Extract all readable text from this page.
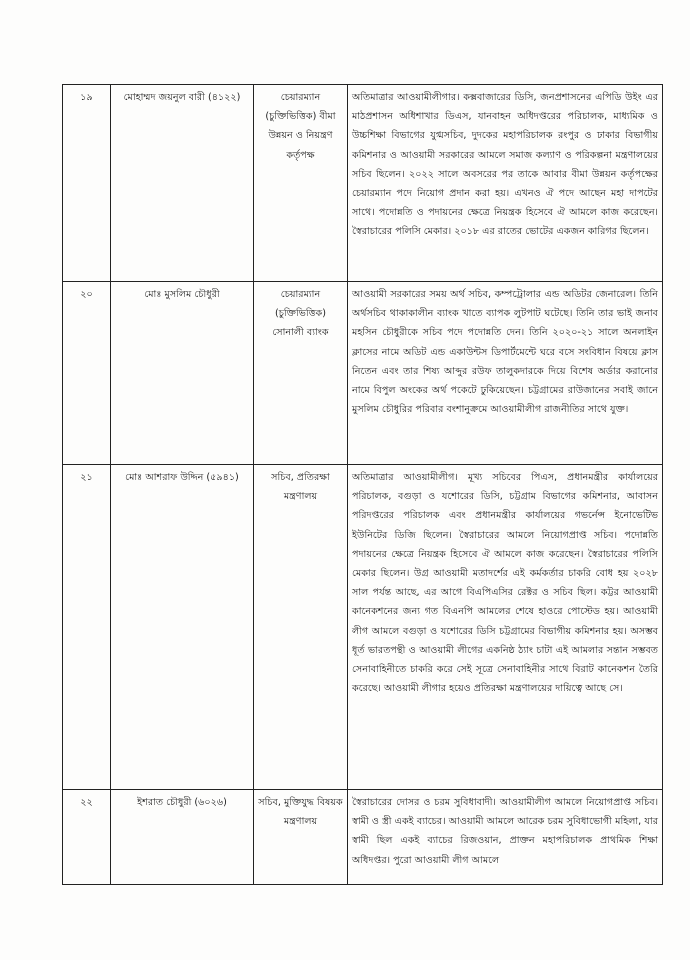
১৯	মোহাম্মদ জয়নুল বারী (৪১২২)	চেয়ারম্যান (চুক্তিভিত্তিক) বীমা উন্নয়ন ও নিয়ন্ত্রণ কর্তৃপক্ষ	অতিমাত্রার আওয়ামীলীগার। কক্সবাজারের ডিসি, জনপ্রশাসনের এপিডি উইং এর মাঠপ্রশাসন অধিশাখার ডিএস, যানবাহন অধিদপ্তরের পরিচালক, মাধ্যমিক ও উচ্চশিক্ষা বিভাগের যুগ্মসচিব, দুদকের মহাপরিচালক রংপুর ও ঢাকার বিভাগীয় কমিশনার ও আওয়ামী সরকারের আমলে সমাজ কল্যাণ ও পরিকল্পনা মন্ত্রণালয়ের সচিব ছিলেন। ২০২২ সালে অবসরের পর তাকে আবার বীমা উন্নয়ন কর্তৃপক্ষের চেয়ারম্যান পদে নিয়োগ প্রদান করা হয়। এখনও ঐ পদে আছেন মহা দাপটের সাথে। পদোন্নতি ও পদায়নের ক্ষেত্রে নিয়ন্ত্রক হিসেবে ঐ আমলে কাজ করেছেন। স্বৈরাচারের পলিসি মেকার। ২০১৮ এর রাতের ভোটের একজন কারিগর ছিলেন।
২০	মোঃ মুসলিম চৌধুরী	চেয়ারম্যান (চুক্তিভিত্তিক) সোনালী ব্যাংক	আওয়ামী সরকারের সময় অর্থ সচিব, কম্পট্রোলার এন্ড অডিটর জেনারেল। তিনি অর্থসচিব থাকাকালীন ব্যাংক খাতে ব্যাপক লুটপাট ঘটেছে। তিনি তার ভাই জনাব মহসিন চৌধুরীকে সচিব পদে পদোন্নতি দেন। তিনি ২০২০-২১ সালে অনলাইন ক্লাসের নামে অডিট এন্ড একাউন্টস ডিপার্টমেন্টে ঘরে বসে সংবিধান বিষয়ে ক্লাস নিতেন এবং তার শিষ্য আব্দুর রউফ তালুকদারকে দিয়ে বিশেষ অর্ডার করানোর নামে বিপুল অংকের অর্থ পকেটে ঢুকিয়েছেন। চট্টগ্রামের রাউজানের সবাই জানে মুসলিম চৌধুরির পরিবার বংশানুক্রমে আওয়ামীলীগ রাজনীতির সাথে যুক্ত।
২১	মোঃ আশরাফ উদ্দিন (৫৯৪১)	সচিব, প্রতিরক্ষা মন্ত্রণালয়	অতিমাত্রার আওয়ামীলীগ। মূখ্য সচিবের পিএস, প্রধানমন্ত্রীর কার্যালয়ের পরিচালক, বগুড়া ও যশোরের ডিসি, চট্টগ্রাম বিভাগের কমিশনার, আবাসন পরিদপ্তরের পরিচালক এবং প্রধানমন্ত্রীর কার্যালয়ের গভর্নেন্স ইনোভেটিভ ইউনিটের ডিজি ছিলেন। স্বৈরাচারের আমলে নিয়োগপ্রাপ্ত সচিব। পদোন্নতি পদায়নের ক্ষেত্রে নিয়ন্ত্রক হিসেবে ঐ আমলে কাজ করেছেন। স্বৈরাচারের পলিসি মেকার ছিলেন। উগ্র আওয়ামী মতাদর্শের এই কর্মকর্তার চাকরি বোধ হয় ২০২৮ সাল পর্যন্ত আছে, এর আগে বিএপিএসির রেক্টর ও সচিব ছিল। কট্টর আওয়ামী কানেকশনের জন্য গত বিএনপি আমলের শেষে হাওরে পোস্টেড হয়। আওয়ামী লীগ আমলে বগুড়া ও যশোরের ডিসি চট্টগ্রামের বিভাগীয় কমিশনার হয়। অসম্ভব ধূর্ত ভারতপন্থী ও আওয়ামী লীগের একনিষ্ঠ ঠ্যাং চাটা এই আমলার সন্তান সম্ভবত সেনাবাহিনীতে চাকরি করে সেই সূত্রে সেনাবাহিনীর সাথে বিরাট কানেকশন তৈরি করেছে। আওয়ামী লীগার হয়েও প্রতিরক্ষা মন্ত্রণালয়ের দায়িত্বে আছে সে।
২২	ইশরাত চৌধুরী (৬০২৬)	সচিব, মুক্তিযুদ্ধ বিষয়ক মন্ত্রণালয়	স্বৈরাচারের দোসর ও চরম সুবিধাবাদী। আওয়ামীলীগ আমলে নিয়োগপ্রাপ্ত সচিব। স্বামী ও স্ত্রী একই ব্যাচের। আওয়ামী আমলে আরেক চরম সুবিধাভোগী মহিলা, যার স্বামী ছিল একই ব্যাচের রিজওয়ান, প্রাক্তন মহাপরিচালক প্রাথমিক শিক্ষা অধিদপ্তর। পুরো আওয়ামী লীগ আমলে
